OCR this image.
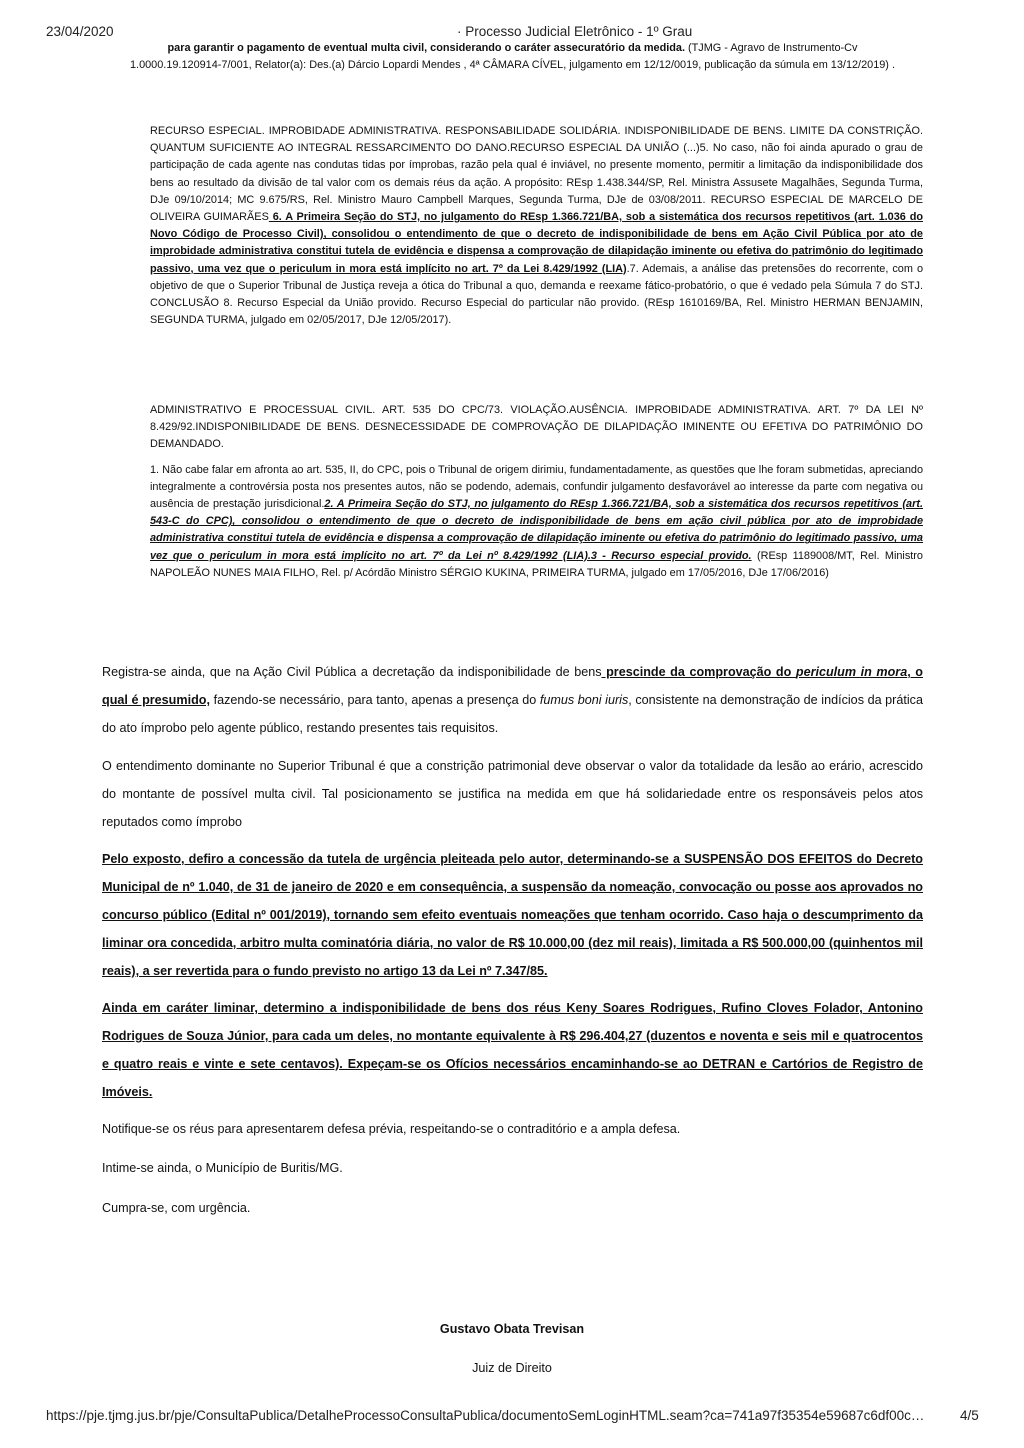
23/04/2020	· Processo Judicial Eletrônico - 1º Grau
para garantir o pagamento de eventual multa civil, considerando o caráter assecuratório da medida. (TJMG - Agravo de Instrumento-Cv
1.0000.19.120914-7/001, Relator(a): Des.(a) Dárcio Lopardi Mendes , 4ª CÂMARA CÍVEL, julgamento em 12/12/0019, publicação da súmula em 13/12/2019) .
RECURSO ESPECIAL. IMPROBIDADE ADMINISTRATIVA. RESPONSABILIDADE SOLIDÁRIA. INDISPONIBILIDADE DE BENS. LIMITE DA CONSTRIÇÃO. QUANTUM SUFICIENTE AO INTEGRAL RESSARCIMENTO DO DANO.RECURSO ESPECIAL DA UNIÃO (...)5. No caso, não foi ainda apurado o grau de participação de cada agente nas condutas tidas por ímprobas, razão pela qual é inviável, no presente momento, permitir a limitação da indisponibilidade dos bens ao resultado da divisão de tal valor com os demais réus da ação. A propósito: REsp 1.438.344/SP, Rel. Ministra Assusete Magalhães, Segunda Turma, DJe 09/10/2014; MC 9.675/RS, Rel. Ministro Mauro Campbell Marques, Segunda Turma, DJe de 03/08/2011. RECURSO ESPECIAL DE MARCELO DE OLIVEIRA GUIMARÃES 6. A Primeira Seção do STJ, no julgamento do REsp 1.366.721/BA, sob a sistemática dos recursos repetitivos (art. 1.036 do Novo Código de Processo Civil), consolidou o entendimento de que o decreto de indisponibilidade de bens em Ação Civil Pública por ato de improbidade administrativa constitui tutela de evidência e dispensa a comprovação de dilapidação iminente ou efetiva do patrimônio do legitimado passivo, uma vez que o periculum in mora está implícito no art. 7º da Lei 8.429/1992 (LIA).7. Ademais, a análise das pretensões do recorrente, com o objetivo de que o Superior Tribunal de Justiça reveja a ótica do Tribunal a quo, demanda e reexame fático-probatório, o que é vedado pela Súmula 7 do STJ. CONCLUSÃO 8. Recurso Especial da União provido. Recurso Especial do particular não provido. (REsp 1610169/BA, Rel. Ministro HERMAN BENJAMIN, SEGUNDA TURMA, julgado em 02/05/2017, DJe 12/05/2017).
ADMINISTRATIVO E PROCESSUAL CIVIL. ART. 535 DO CPC/73. VIOLAÇÃO.AUSÊNCIA. IMPROBIDADE ADMINISTRATIVA. ART. 7º DA LEI Nº 8.429/92.INDISPONIBILIDADE DE BENS. DESNECESSIDADE DE COMPROVAÇÃO DE DILAPIDAÇÃO IMINENTE OU EFETIVA DO PATRIMÔNIO DO DEMANDADO.
1. Não cabe falar em afronta ao art. 535, II, do CPC, pois o Tribunal de origem dirimiu, fundamentadamente, as questões que lhe foram submetidas, apreciando integralmente a controvérsia posta nos presentes autos, não se podendo, ademais, confundir julgamento desfavorável ao interesse da parte com negativa ou ausência de prestação jurisdicional.2. A Primeira Seção do STJ, no julgamento do REsp 1.366.721/BA, sob a sistemática dos recursos repetitivos (art. 543-C do CPC), consolidou o entendimento de que o decreto de indisponibilidade de bens em ação civil pública por ato de improbidade administrativa constitui tutela de evidência e dispensa a comprovação de dilapidação iminente ou efetiva do patrimônio do legitimado passivo, uma vez que o periculum in mora está implícito no art. 7º da Lei nº 8.429/1992 (LIA).3 - Recurso especial provido. (REsp 1189008/MT, Rel. Ministro NAPOLEÃO NUNES MAIA FILHO, Rel. p/ Acórdão Ministro SÉRGIO KUKINA, PRIMEIRA TURMA, julgado em 17/05/2016, DJe 17/06/2016)
Registra-se ainda, que na Ação Civil Pública a decretação da indisponibilidade de bens prescinde da comprovação do periculum in mora, o qual é presumido, fazendo-se necessário, para tanto, apenas a presença do fumus boni iuris, consistente na demonstração de indícios da prática do ato ímprobo pelo agente público, restando presentes tais requisitos.
O entendimento dominante no Superior Tribunal é que a constrição patrimonial deve observar o valor da totalidade da lesão ao erário, acrescido do montante de possível multa civil. Tal posicionamento se justifica na medida em que há solidariedade entre os responsáveis pelos atos reputados como ímprobo
Pelo exposto, defiro a concessão da tutela de urgência pleiteada pelo autor, determinando-se a SUSPENSÃO DOS EFEITOS do Decreto Municipal de nº 1.040, de 31 de janeiro de 2020 e em consequência, a suspensão da nomeação, convocação ou posse aos aprovados no concurso público (Edital nº 001/2019), tornando sem efeito eventuais nomeações que tenham ocorrido. Caso haja o descumprimento da liminar ora concedida, arbitro multa cominatória diária, no valor de R$ 10.000,00 (dez mil reais), limitada a R$ 500.000,00 (quinhentos mil reais), a ser revertida para o fundo previsto no artigo 13 da Lei nº 7.347/85.
Ainda em caráter liminar, determino a indisponibilidade de bens dos réus Keny Soares Rodrigues, Rufino Cloves Folador, Antonino Rodrigues de Souza Júnior, para cada um deles, no montante equivalente à R$ 296.404,27 (duzentos e noventa e seis mil e quatrocentos e quatro reais e vinte e sete centavos). Expeçam-se os Ofícios necessários encaminhando-se ao DETRAN e Cartórios de Registro de Imóveis.
Notifique-se os réus para apresentarem defesa prévia, respeitando-se o contraditório e a ampla defesa.
Intime-se ainda, o Município de Buritis/MG.
Cumpra-se, com urgência.
Gustavo Obata Trevisan
Juiz de Direito
https://pje.tjmg.jus.br/pje/ConsultaPublica/DetalheProcessoConsultaPublica/documentoSemLoginHTML.seam?ca=741a97f35354e59687c6df00c…	4/5
